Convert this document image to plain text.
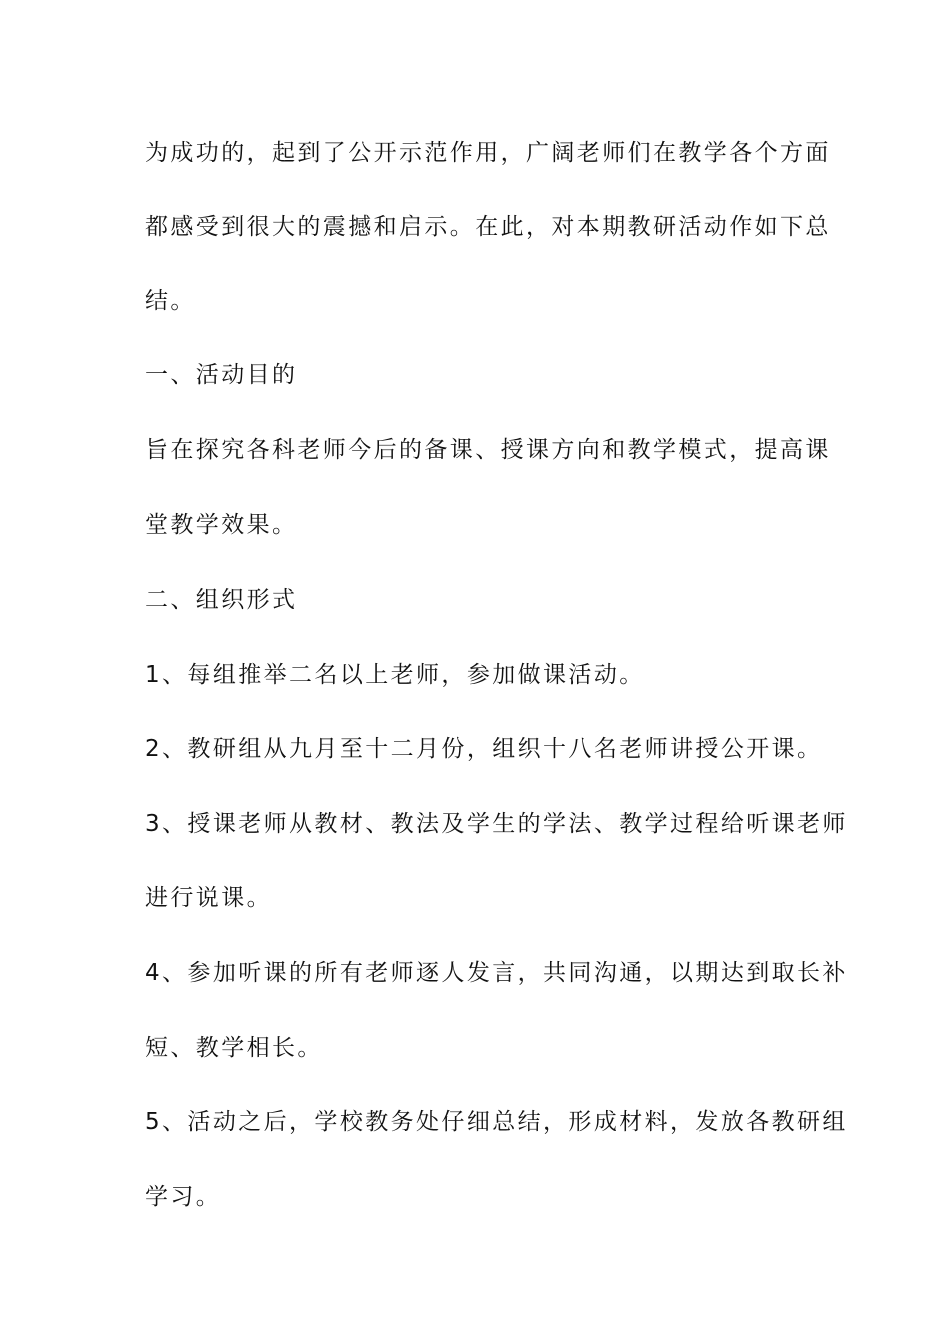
为成功的，起到了公开示范作用，广阔老师们在教学各个方面

都感受到很大的震撼和启示。在此，对本期教研活动作如下总

结。

一、活动目的

旨在探究各科老师今后的备课、授课方向和教学模式，提高课

堂教学效果。

二、组织形式

1、每组推举二名以上老师，参加做课活动。

2、教研组从九月至十二月份，组织十八名老师讲授公开课。

3、授课老师从教材、教法及学生的学法、教学过程给听课老师

进行说课。

4、参加听课的所有老师逐人发言，共同沟通，以期达到取长补

短、教学相长。

5、活动之后，学校教务处仔细总结，形成材料，发放各教研组

学习。
